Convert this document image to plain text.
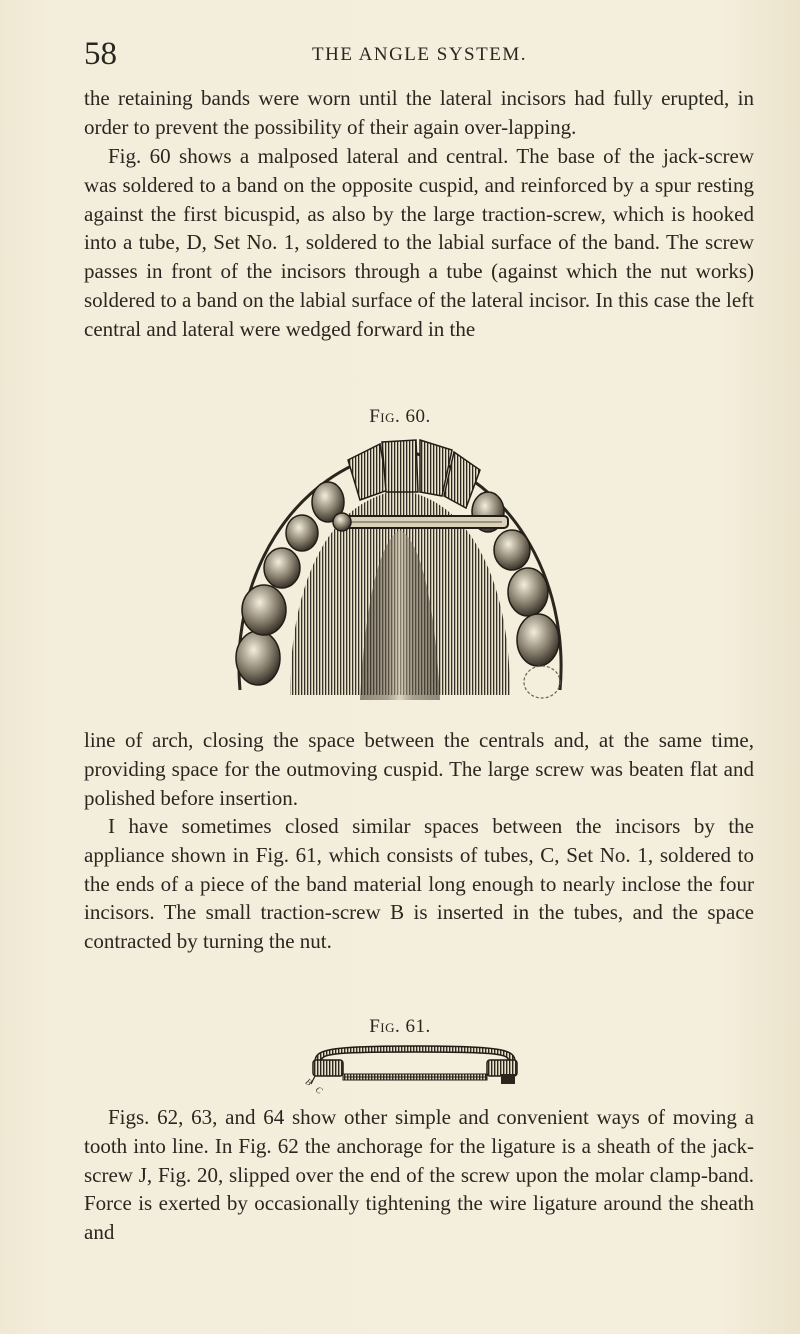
58	THE ANGLE SYSTEM.

the retaining bands were worn until the lateral incisors had fully erupted, in order to prevent the possibility of their again over-lapping.

Fig. 60 shows a malposed lateral and central. The base of the jack-screw was soldered to a band on the opposite cuspid, and reinforced by a spur resting against the first bicuspid, as also by the large traction-screw, which is hooked into a tube, D, Set No. 1, soldered to the labial surface of the band. The screw passes in front of the incisors through a tube (against which the nut works) soldered to a band on the labial surface of the lateral incisor. In this case the left central and lateral were wedged forward in the

Fig. 60.

line of arch, closing the space between the centrals and, at the same time, providing space for the outmoving cuspid. The large screw was beaten flat and polished before insertion.

I have sometimes closed similar spaces between the incisors by the appliance shown in Fig. 61, which consists of tubes, C, Set No. 1, soldered to the ends of a piece of the band material long enough to nearly inclose the four incisors. The small traction-screw B is inserted in the tubes, and the space contracted by turning the nut.

Fig. 61.
B
C

Figs. 62, 63, and 64 show other simple and convenient ways of moving a tooth into line. In Fig. 62 the anchorage for the ligature is a sheath of the jack-screw J, Fig. 20, slipped over the end of the screw upon the molar clamp-band. Force is exerted by occasionally tightening the wire ligature around the sheath and
